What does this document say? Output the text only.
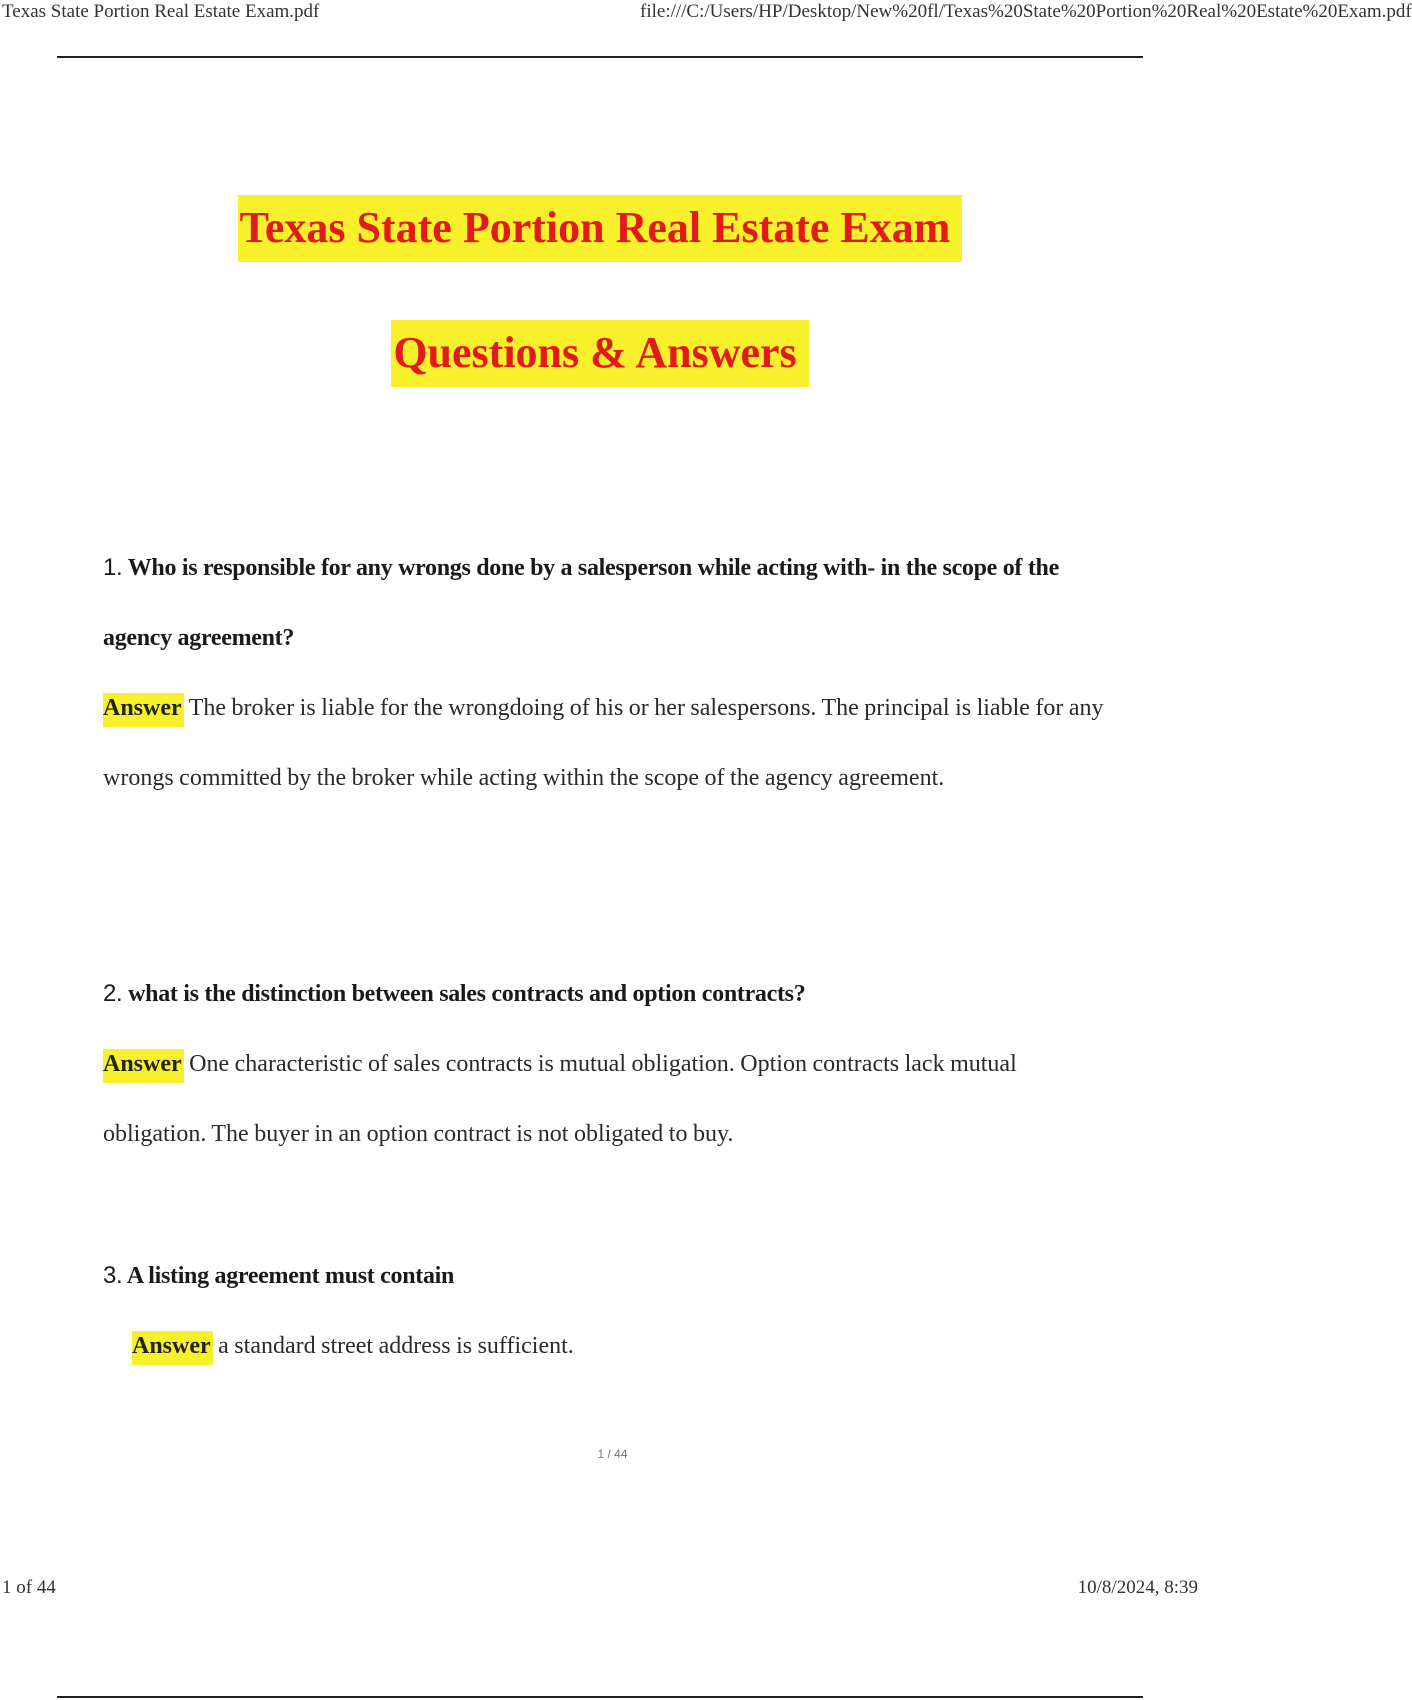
Texas State Portion Real Estate Exam.pdf	file:///C:/Users/HP/Desktop/New%20fl/Texas%20State%20Portion%20Real%20Estate%20Exam.pdf
Texas State Portion Real Estate Exam
Questions & Answers
1. Who is responsible for any wrongs done by a salesperson while acting with- in the scope of the agency agreement?
Answer The broker is liable for the wrongdoing of his or her salespersons. The principal is liable for any wrongs committed by the broker while acting within the scope of the agency agreement.
2. what is the distinction between sales contracts and option contracts?
Answer One characteristic of sales contracts is mutual obligation. Option contracts lack mutual obligation. The buyer in an option contract is not obligated to buy.
3. A listing agreement must contain
Answer a standard street address is sufficient.
1 / 44
1 of 44	10/8/2024, 8:39
